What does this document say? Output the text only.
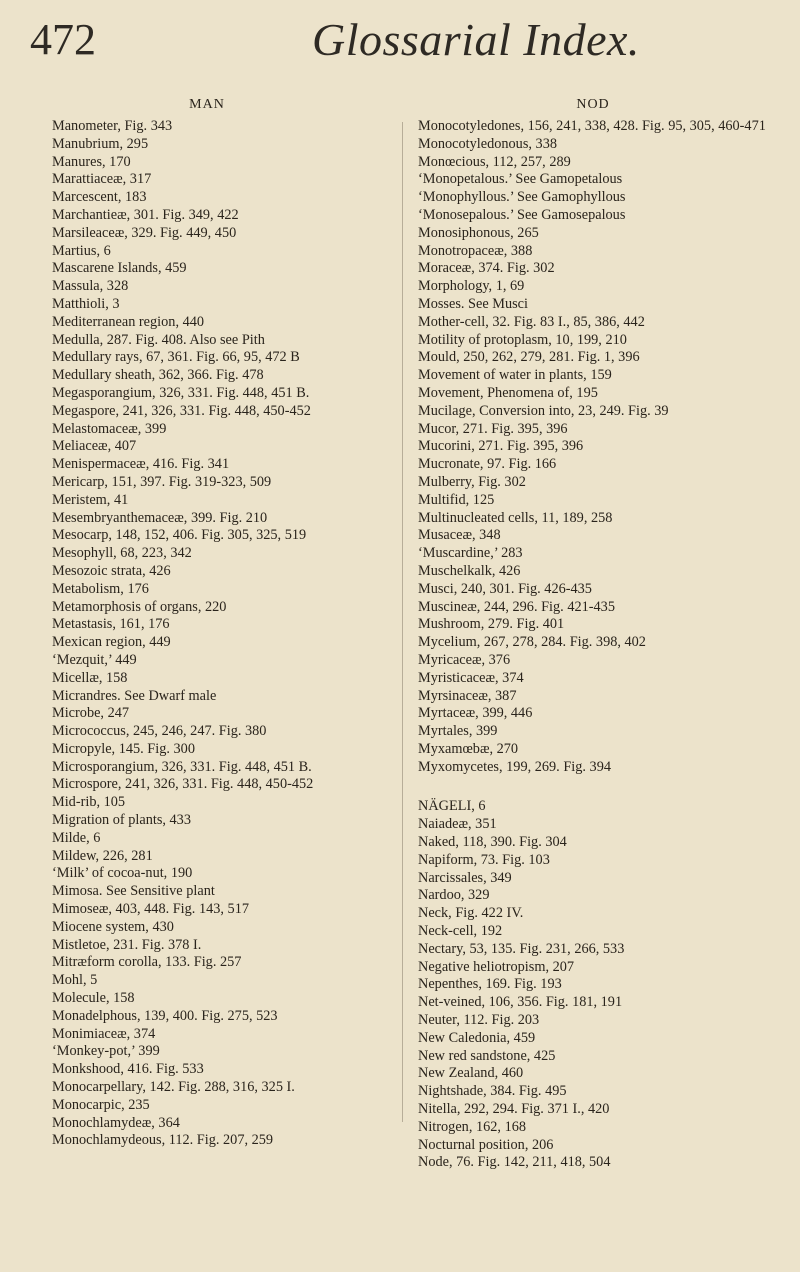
472	Glossarial Index.
MAN
Manometer, Fig. 343
Manubrium, 295
Manures, 170
Marattiaceæ, 317
Marcescent, 183
Marchantieæ, 301. Fig. 349, 422
Marsileaceæ, 329. Fig. 449, 450
Martius, 6
Mascarene Islands, 459
Massula, 328
Matthioli, 3
Mediterranean region, 440
Medulla, 287. Fig. 408. Also see Pith
Medullary rays, 67, 361. Fig. 66, 95, 472 B
Medullary sheath, 362, 366. Fig. 478
Megasporangium, 326, 331. Fig. 448, 451 B.
Megaspore, 241, 326, 331. Fig. 448, 450-452
Melastomaceæ, 399
Meliaceæ, 407
Menispermaceæ, 416. Fig. 341
Mericarp, 151, 397. Fig. 319-323, 509
Meristem, 41
Mesembryanthemaceæ, 399. Fig. 210
Mesocarp, 148, 152, 406. Fig. 305, 325, 519
Mesophyll, 68, 223, 342
Mesozoic strata, 426
Metabolism, 176
Metamorphosis of organs, 220
Metastasis, 161, 176
Mexican region, 449
‘Mezquit,’ 449
Micellæ, 158
Micrandres. See Dwarf male
Microbe, 247
Micrococcus, 245, 246, 247. Fig. 380
Micropyle, 145. Fig. 300
Microsporangium, 326, 331. Fig. 448, 451 B.
Microspore, 241, 326, 331. Fig. 448, 450-452
Mid-rib, 105
Migration of plants, 433
Milde, 6
Mildew, 226, 281
‘Milk’ of cocoa-nut, 190
Mimosa. See Sensitive plant
Mimoseæ, 403, 448. Fig. 143, 517
Miocene system, 430
Mistletoe, 231. Fig. 378 I.
Mitræform corolla, 133. Fig. 257
Mohl, 5
Molecule, 158
Monadelphous, 139, 400. Fig. 275, 523
Monimiaceæ, 374
‘Monkey-pot,’ 399
Monkshood, 416. Fig. 533
Monocarpellary, 142. Fig. 288, 316, 325 I.
Monocarpic, 235
Monochlamydeæ, 364
Monochlamydeous, 112. Fig. 207, 259
NOD
Monocotyledones, 156, 241, 338, 428. Fig. 95, 305, 460-471
Monocotyledonous, 338
Monœcious, 112, 257, 289
‘Monopetalous.’ See Gamopetalous
‘Monophyllous.’ See Gamophyllous
‘Monosepalous.’ See Gamosepalous
Monosiphonous, 265
Monotropaceæ, 388
Moraceæ, 374. Fig. 302
Morphology, 1, 69
Mosses. See Musci
Mother-cell, 32. Fig. 83 I., 85, 386, 442
Motility of protoplasm, 10, 199, 210
Mould, 250, 262, 279, 281. Fig. 1, 396
Movement of water in plants, 159
Movement, Phenomena of, 195
Mucilage, Conversion into, 23, 249. Fig. 39
Mucor, 271. Fig. 395, 396
Mucorini, 271. Fig. 395, 396
Mucronate, 97. Fig. 166
Mulberry, Fig. 302
Multifid, 125
Multinucleated cells, 11, 189, 258
Musaceæ, 348
‘Muscardine,’ 283
Muschelkalk, 426
Musci, 240, 301. Fig. 426-435
Muscineæ, 244, 296. Fig. 421-435
Mushroom, 279. Fig. 401
Mycelium, 267, 278, 284. Fig. 398, 402
Myricaceæ, 376
Myristicaceæ, 374
Myrsinaceæ, 387
Myrtaceæ, 399, 446
Myrtales, 399
Myxamœbæ, 270
Myxomycetes, 199, 269. Fig. 394
NÄGELI, 6
Naiadeæ, 351
Naked, 118, 390. Fig. 304
Napiform, 73. Fig. 103
Narcissales, 349
Nardoo, 329
Neck, Fig. 422 IV.
Neck-cell, 192
Nectary, 53, 135. Fig. 231, 266, 533
Negative heliotropism, 207
Nepenthes, 169. Fig. 193
Net-veined, 106, 356. Fig. 181, 191
Neuter, 112. Fig. 203
New Caledonia, 459
New red sandstone, 425
New Zealand, 460
Nightshade, 384. Fig. 495
Nitella, 292, 294. Fig. 371 I., 420
Nitrogen, 162, 168
Nocturnal position, 206
Node, 76. Fig. 142, 211, 418, 504
